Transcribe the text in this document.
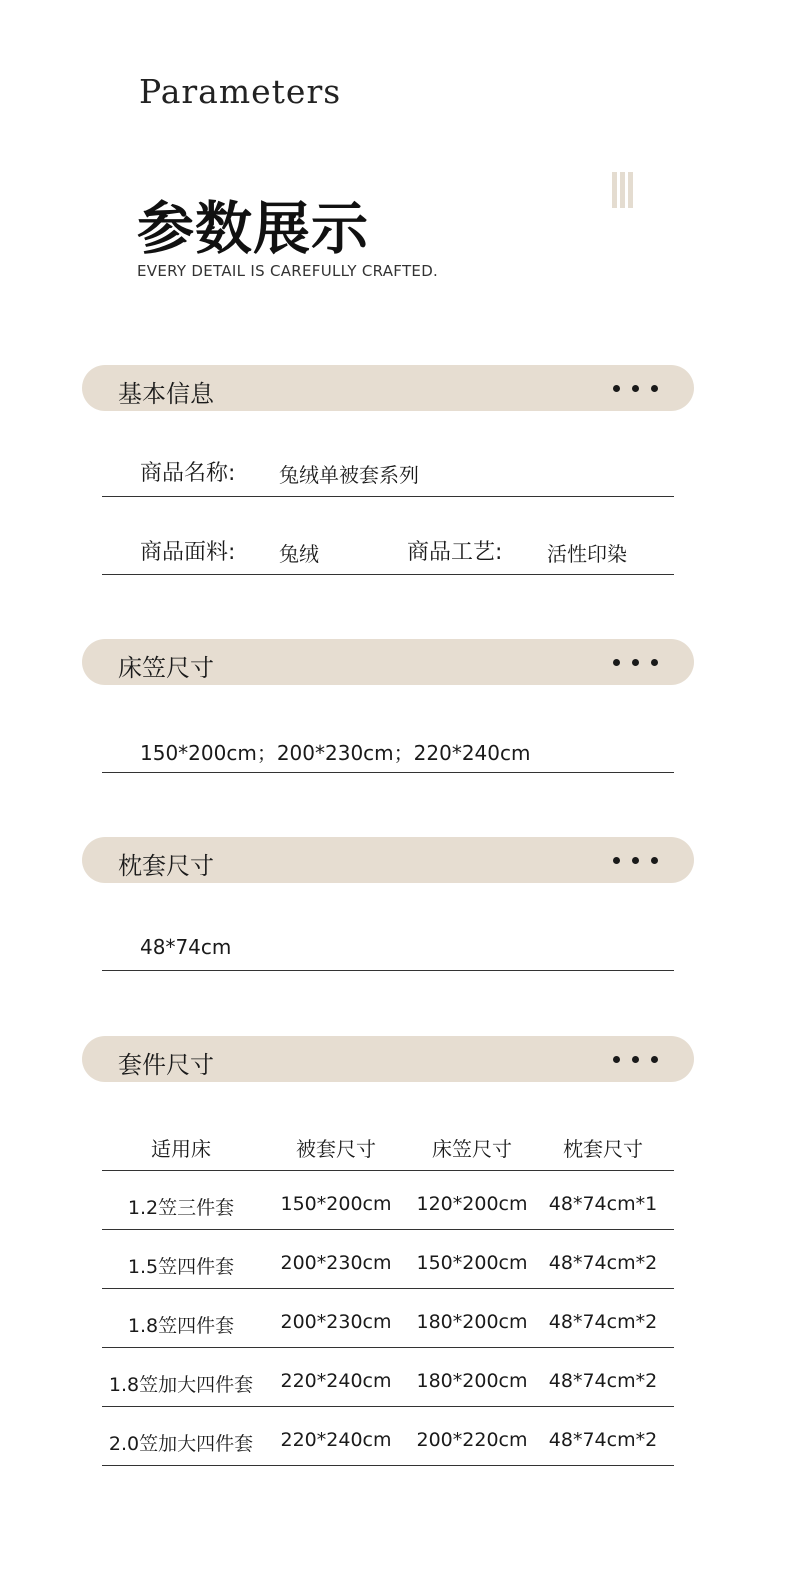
Parameters
参数展示
EVERY DETAIL IS CAREFULLY CRAFTED.
基本信息
商品名称: 兔绒单被套系列
商品面料: 兔绒	商品工艺: 活性印染
床笠尺寸
150*200cm；200*230cm；220*240cm
枕套尺寸
48*74cm
套件尺寸
适用床	被套尺寸	床笠尺寸	枕套尺寸
1.2笠三件套	150*200cm	120*200cm	48*74cm*1
1.5笠四件套	200*230cm	150*200cm	48*74cm*2
1.8笠四件套	200*230cm	180*200cm	48*74cm*2
1.8笠加大四件套	220*240cm	180*200cm	48*74cm*2
2.0笠加大四件套	220*240cm	200*220cm	48*74cm*2
